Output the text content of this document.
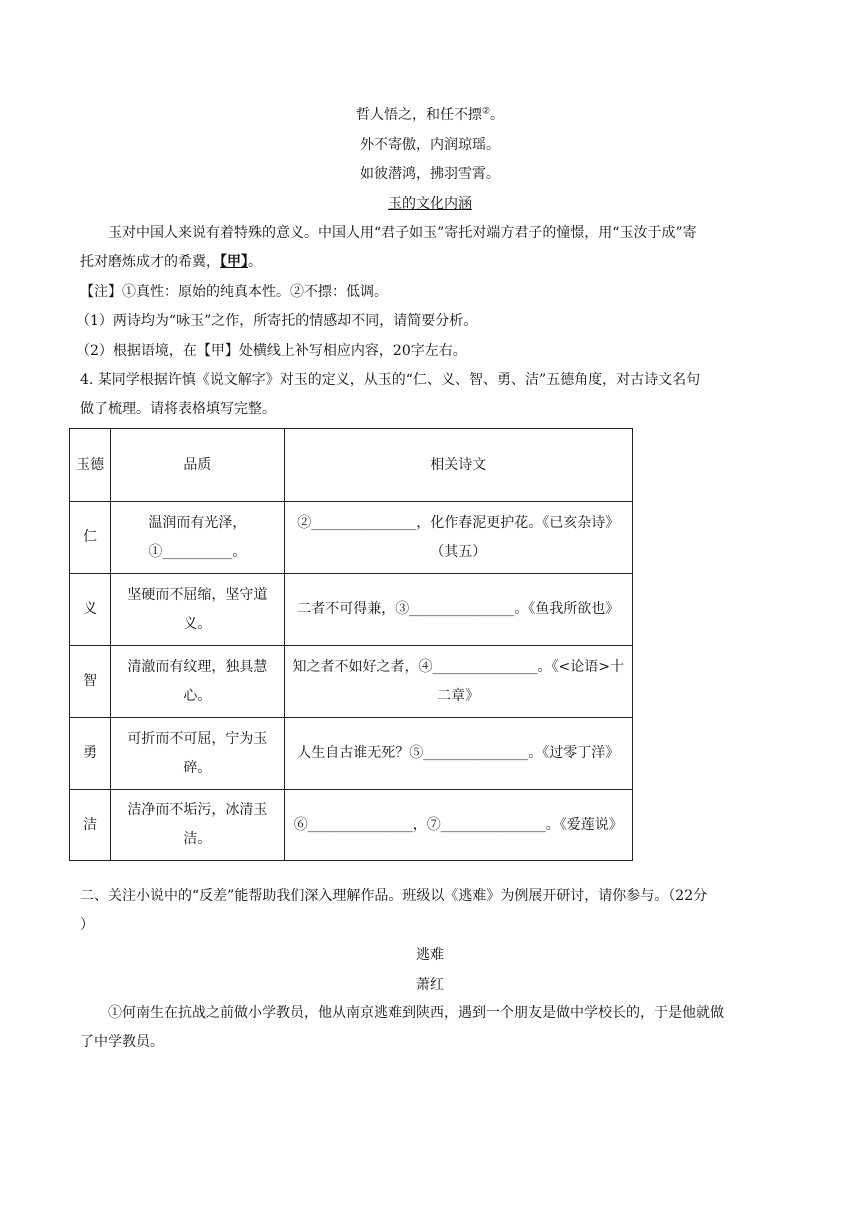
哲人悟之，和任不摽②。
外不寄傲，内润琼瑶。
如彼潜鸿，拂羽雪霄。
玉的文化内涵
玉对中国人来说有着特殊的意义。中国人用“君子如玉”寄托对端方君子的憧憬，用“玉汝于成”寄
托对磨炼成才的希冀，【甲】。
【注】①真性：原始的纯真本性。②不摽：低调。
（1）两诗均为“咏玉”之作，所寄托的情感却不同，请简要分析。
（2）根据语境，在【甲】处横线上补写相应内容，20字左右。
4. 某同学根据许慎《说文解字》对玉的定义，从玉的“仁、义、智、勇、洁”五德角度，对古诗文名句
做了梳理。请将表格填写完整。
玉德	品质	相关诗文
仁	温润而有光泽，①__________。	②_______________，化作春泥更护花。《已亥杂诗》（其五）
义	坚硬而不屈缩，坚守道义。	二者不可得兼，③_______________。《鱼我所欲也》
智	清澈而有纹理，独具慧心。	知之者不如好之者，④_______________。《<论语>十二章》
勇	可折而不可屈，宁为玉碎。	人生自古谁无死？⑤_______________。《过零丁洋》
洁	洁净而不垢污，冰清玉洁。	⑥_______________，⑦_______________。《爱莲说》
二、关注小说中的“反差”能帮助我们深入理解作品。班级以《逃难》为例展开研讨，请你参与。（22分
）
逃难
萧红
①何南生在抗战之前做小学教员，他从南京逃难到陕西，遇到一个朋友是做中学校长的，于是他就做
了中学教员。
